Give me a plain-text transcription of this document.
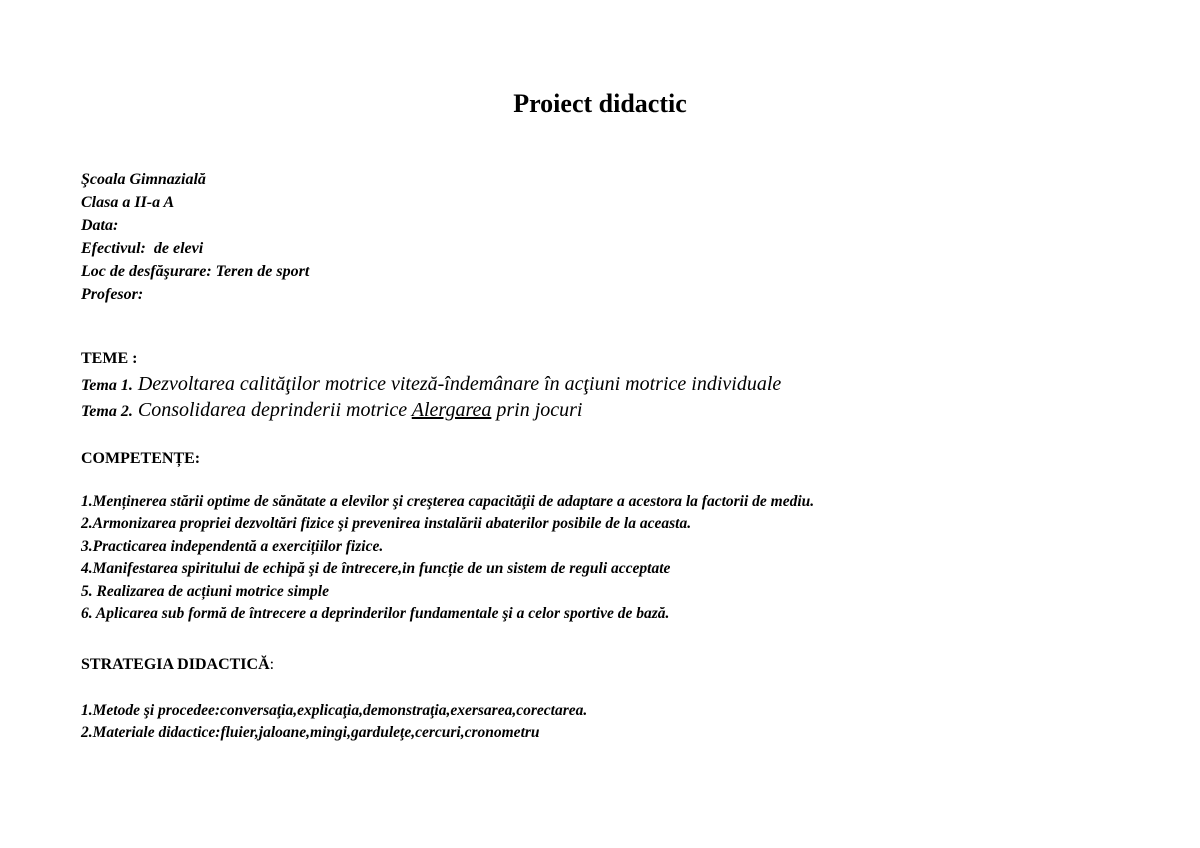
Proiect didactic
Şcoala Gimnazială
Clasa a II-a A
Data:
Efectivul:  de elevi
Loc de desfăşurare: Teren de sport
Profesor:
TEME :
Tema 1. Dezvoltarea calităţilor motrice viteză-îndemânare în acţiuni motrice individuale
Tema 2. Consolidarea deprinderii motrice Alergarea prin jocuri
COMPETENȚE:
1.Menținerea stării optime de sănătate a elevilor şi creşterea capacităţii de adaptare a acestora la factorii de mediu.
2.Armonizarea propriei dezvoltări fizice şi prevenirea instalării abaterilor posibile de la aceasta.
3.Practicarea independentă a exercițiilor fizice.
4.Manifestarea spiritului de echipă şi de întrecere,in funcție de un sistem de reguli acceptate
5. Realizarea de acțiuni motrice simple
6. Aplicarea sub formă de întrecere a deprinderilor fundamentale şi a celor sportive de bază.
STRATEGIA DIDACTICĂ:
1.Metode şi procedee:conversaţia,explicaţia,demonstraţia,exersarea,corectarea.
2.Materiale didactice:fluier,jaloane,mingi,garduleţe,cercuri,cronometru
